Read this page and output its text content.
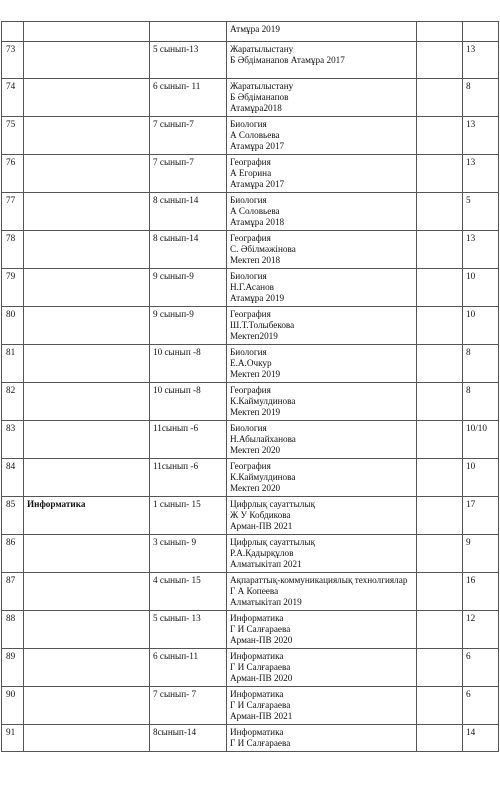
			Атмұра 2019		

73		5 сынып-13	Жаратылыстану
Б Әбдіманапов Атамұра 2017		13
74		6 сынып- 11	Жаратылыстану
Б Әбдіманапов
Атамұра2018		8
75		7 сынып-7	Биология
А Соловьева
Атамұра 2017		13
76		7 сынып-7	География
А Егорина
Атамұра 2017		13
77		8 сынып-14	Биология
А Соловьева
Атамұра 2018		5
78		8 сынып-14	География
С. Әбілмәжінова
Мектеп 2018		13
79		9 сынып-9	Биология
Н.Г.Асанов
Атамұра 2019		10
80		9 сынып-9	География
Ш.Т.Толыбекова
Мектеп2019		10
81		10 сынып -8	Биология
Е.А.Очкур
Мектеп 2019		8
82		10 сынып -8	География
К.Каймулдинова
Мектеп 2019		8
83		11сынып -6	Биология
Н.Абылайханова
Мектеп 2020		10/10
84		11сынып -6	География
К.Каймулдинова
Мектеп 2020		10
85	Информатика	1 сынып- 15	Цифрлық сауаттылық
Ж У Кобдикова
Арман-ПВ 2021		17
86		3 сынып- 9	Цифрлық сауаттылық
Р.А.Қадырқұлов
Алматыкітап 2021		9
87		4 сынып- 15	Ақпараттық-коммуникациялық технолгиялар
Г А Копеева
Алматыкітап 2019		16
88		5 сынып- 13	Информатика
Г И Салғараева
Арман-ПВ 2020		12
89		6 сынып-11	Информатика
Г И Салғараева
Арман-ПВ 2020		6
90		7 сынып- 7	Информатика
Г И Салғараева
Арман-ПВ 2021		6
91		8сынып-14	Информатика
Г И Салғараева		14
